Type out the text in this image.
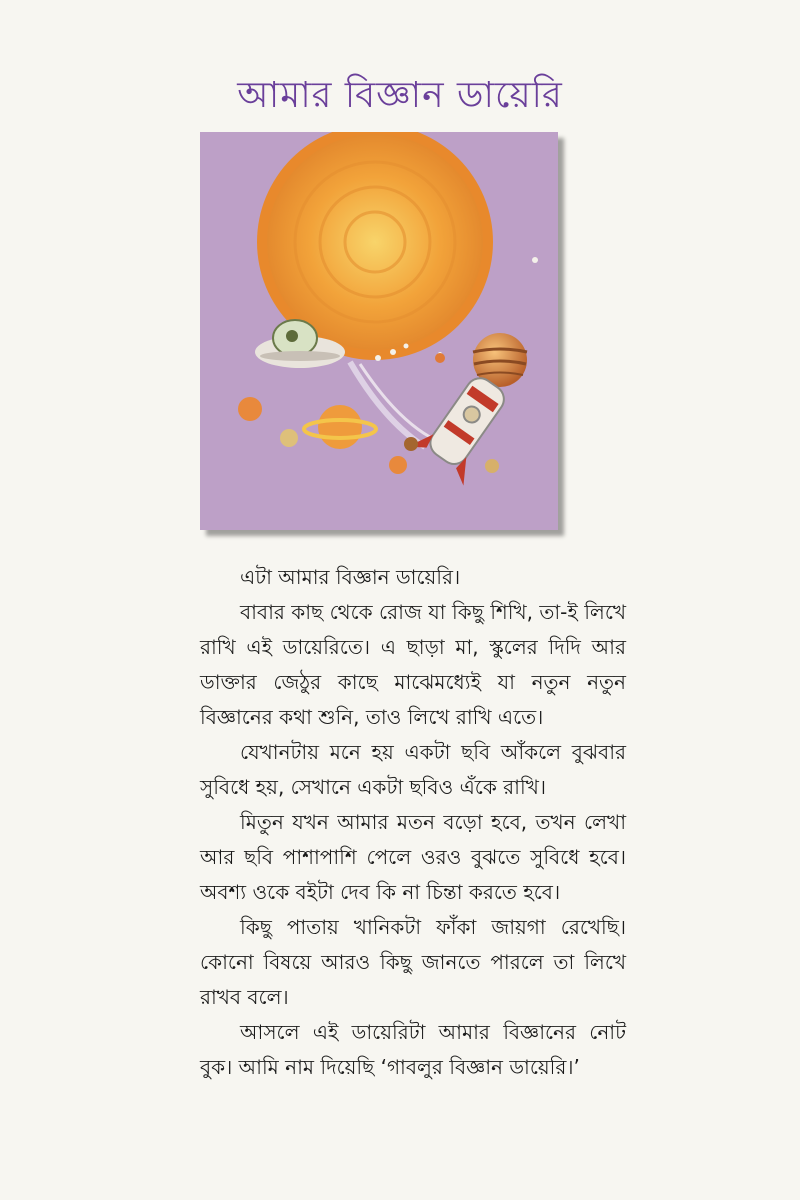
আমার বিজ্ঞান ডায়েরি

এটা আমার বিজ্ঞান ডায়েরি।

বাবার কাছ থেকে রোজ যা কিছু শিখি, তা-ই লিখে রাখি এই ডায়েরিতে। এ ছাড়া মা, স্কুলের দিদি আর ডাক্তার জেঠুর কাছে মাঝেমধ্যেই যা নতুন নতুন বিজ্ঞানের কথা শুনি, তাও লিখে রাখি এতে।

যেখানটায় মনে হয় একটা ছবি আঁকলে বুঝবার সুবিধে হয়, সেখানে একটা ছবিও এঁকে রাখি।

মিতুন যখন আমার মতন বড়ো হবে, তখন লেখা আর ছবি পাশাপাশি পেলে ওরও বুঝতে সুবিধে হবে। অবশ্য ওকে বইটা দেব কি না চিন্তা করতে হবে।

কিছু পাতায় খানিকটা ফাঁকা জায়গা রেখেছি। কোনো বিষয়ে আরও কিছু জানতে পারলে তা লিখে রাখব বলে।

আসলে এই ডায়েরিটা আমার বিজ্ঞানের নোট বুক। আমি নাম দিয়েছি ‘গাবলুর বিজ্ঞান ডায়েরি।’
